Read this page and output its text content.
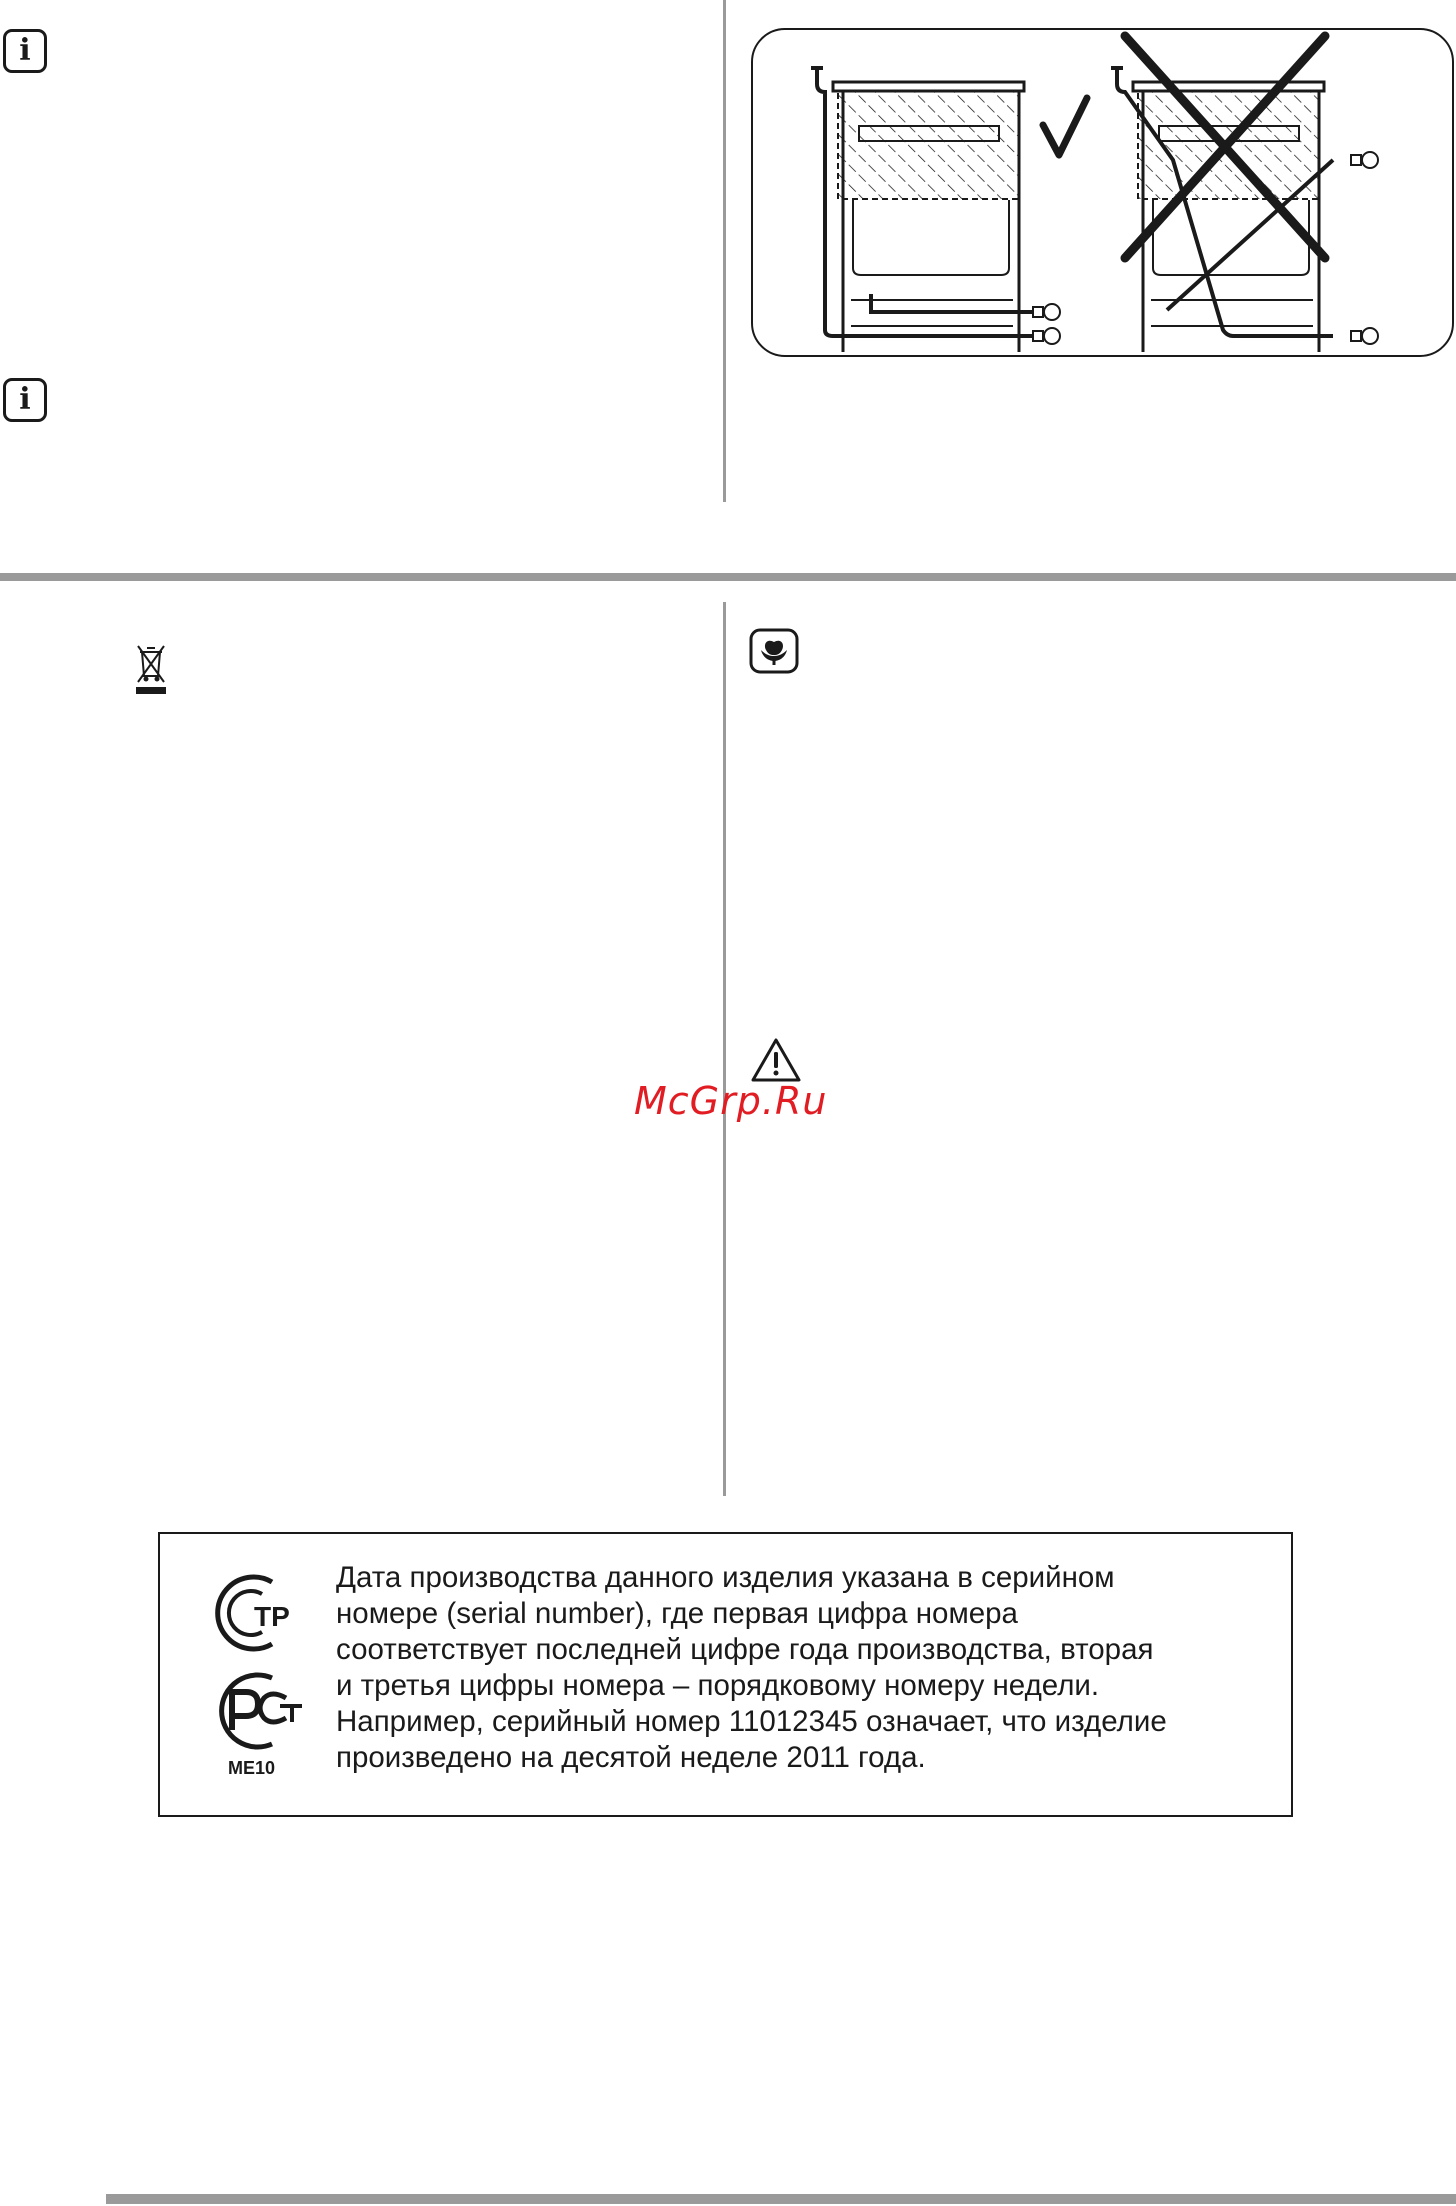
i
i
McGrp.Ru
ТР
ME10

Дата производства данного изделия указана в серийном

номере (serial number), где первая цифра номера

соответствует последней цифре года производства, вторая

и третья цифры номера – порядковому номеру недели.

Например, серийный номер 11012345 означает, что изделие

произведено на десятой неделе 2011 года.
